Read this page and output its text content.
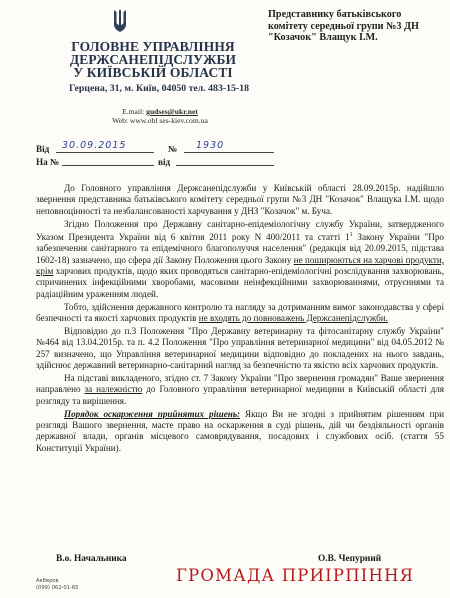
ГОЛОВНЕ УПРАВЛІННЯ
ДЕРЖСАНЕПІДСЛУЖБИ
У КИЇВСЬКІЙ ОБЛАСТІ
Герцена, 31, м. Київ, 04050 тел. 483-15-18
E.mail: gudses@ukr.net
Web: www.obl ses-kiev.com.ua
Представнику батьківського
комітету середньої групи №3 ДН
"Козачок" Влащук І.М.
Від 30.09.2015	№ 1930
На №	від

До Головного управління Держсанепідслужби у Київській області 28.09.2015р. надійшло звернення представника батьківського комітету середньої групи №3 ДН "Козачок" Влащука І.М. щодо неповноцінності та незбалансованості харчування у ДНЗ "Козачок" м. Буча.

Згідно Положення про Державну санітарно-епідеміологічну службу України, затвердженого Указом Президента України від 6 квітня 2011 року N 400/2011 та статті $1^1$ Закону України "Про забезпечення санітарного та епідемічного благополуччя населення" (редакція від 20.09.2015, підстава 1602-18) зазначено, що сфера дії Закону Положення цього Закону не поширюються на харчові продукти, крім харчових продуктів, щодо яких проводяться санітарно-епідеміологічні розслідування захворювань, спричинених інфекційними хворобами, масовими неінфекційними захворюваннями, отруєннями та радіаційним ураженням людей.

Тобто, здійснення державного контролю та нагляду за дотриманням вимог законодавства у сфері безпечності та якості харчових продуктів не входять до повноважень Держсанепідслужби.

Відповідно до п.3 Положення "Про Державну ветеринарну та фітосанітарну службу України" №464 від 13.04.2015р. та п. 4.2 Положення "Про управління ветеринарної медицини" від 04.05.2012 № 257 визначено, що Управління ветеринарної медицини відповідно до покладених на нього завдань, здійснює державний ветеринарно-санітарний нагляд за безпечністю та якістю всіх харчових продуктів.

На підставі викладеного, згідно ст. 7 Закону України "Про звернення громадян" Ваше звернення направлено за належністю до Головного управління ветеринарної медицини в Київській області для розгляду та вирішення.

Порядок оскарження прийнятих рішень: Якщо Ви не згодні з прийнятим рішенням при розгляді Вашого звернення, маєте право на оскарження в суді рішень, дій чи бездіяльності органів державної влади, органів місцевого самоврядування, посадових і службових осіб. (стаття 55 Конституції України).

В.о. Начальника	О.В. Чепурний
Акберов
(099) 062-01-65
ГРОМАДА ПРИІРПІННЯ
